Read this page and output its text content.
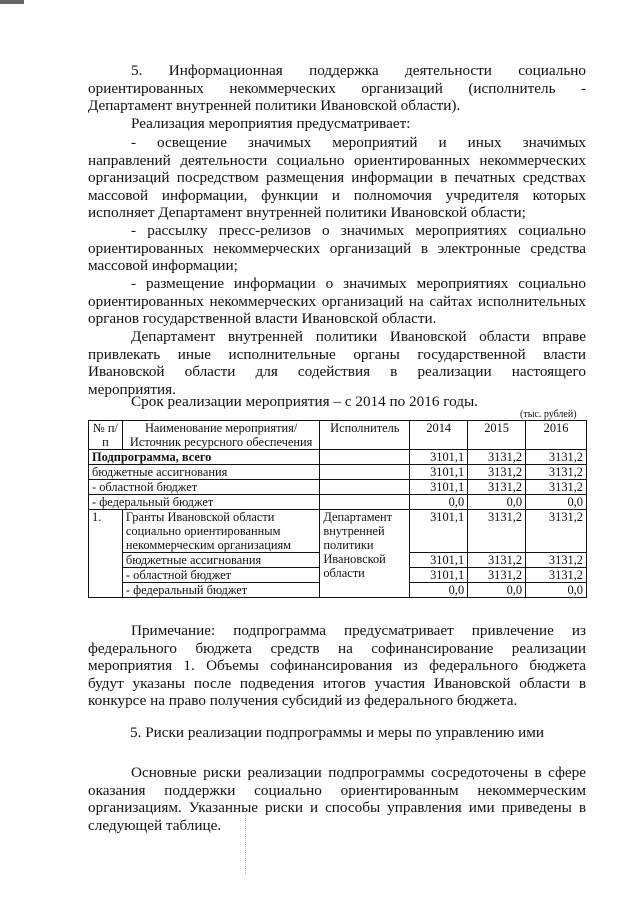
5. Информационная поддержка деятельности социально
ориентированных некоммерческих организаций (исполнитель -
Департамент внутренней политики Ивановской области).
Реализация мероприятия предусматривает:
- освещение значимых мероприятий и иных значимых
направлений деятельности социально ориентированных некоммерческих
организаций посредством размещения информации в печатных средствах
массовой информации, функции и полномочия учредителя которых
исполняет Департамент внутренней политики Ивановской области;
- рассылку пресс-релизов о значимых мероприятиях социально
ориентированных некоммерческих организаций в электронные средства
массовой информации;
- размещение информации о значимых мероприятиях социально
ориентированных некоммерческих организаций на сайтах исполнительных
органов государственной власти Ивановской области.
Департамент внутренней политики Ивановской области вправе
привлекать иные исполнительные органы государственной власти
Ивановской области для содействия в реализации настоящего
мероприятия.
Срок реализации мероприятия – с 2014 по 2016 годы.
(тыс. рублей)
№ п/п	Наименование мероприятия/ Источник ресурсного обеспечения	Исполнитель	2014	2015	2016
Подпрограмма, всего			3101,1	3131,2	3131,2
бюджетные ассигнования			3101,1	3131,2	3131,2
- областной бюджет			3101,1	3131,2	3131,2
- федеральный бюджет			0,0	0,0	0,0
1.	Гранты Ивановской области социально ориентированным некоммерческим организациям	Департамент внутренней политики Ивановской области	3101,1	3131,2	3131,2
	бюджетные ассигнования		3101,1	3131,2	3131,2
	- областной бюджет		3101,1	3131,2	3131,2
	- федеральный бюджет		0,0	0,0	0,0
Примечание: подпрограмма предусматривает привлечение из
федерального бюджета средств на софинансирование реализации
мероприятия 1. Объемы софинансирования из федерального бюджета
будут указаны после подведения итогов участия Ивановской области в
конкурсе на право получения субсидий из федерального бюджета.
5. Риски реализации подпрограммы и меры по управлению ими
Основные риски реализации подпрограммы сосредоточены в сфере
оказания поддержки социально ориентированным некоммерческим
организациям. Указанные риски и способы управления ими приведены в
следующей таблице.
